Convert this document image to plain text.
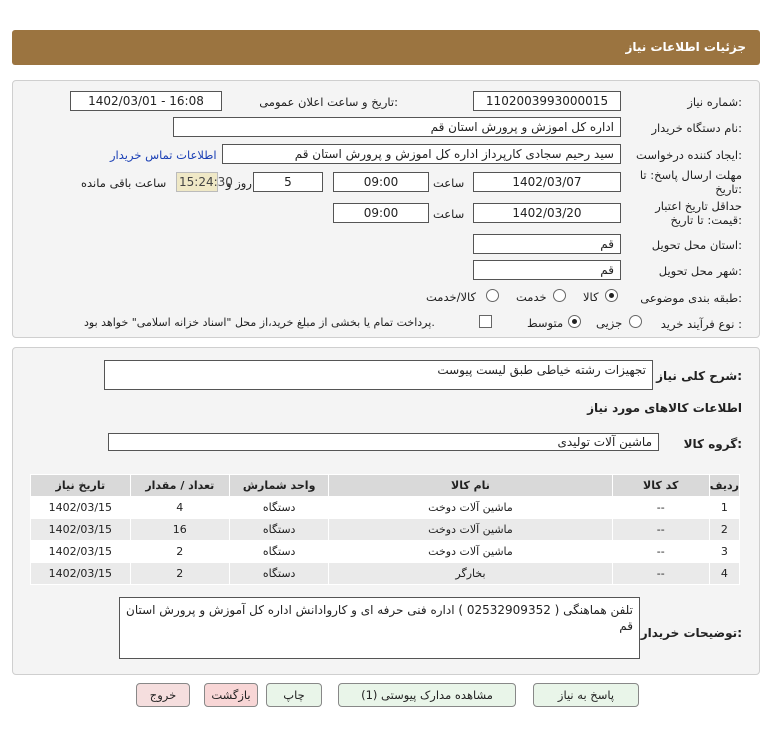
جزئیات اطلاعات نیاز
شماره نیاز:
1102003993000015
تاریخ و ساعت اعلان عمومی:
1402/03/01 - 16:08
نام دستگاه خریدار:
اداره کل اموزش و پرورش استان قم
ایجاد کننده درخواست:
سید رحیم سجادی کارپرداز اداره کل اموزش و پرورش استان قم
اطلاعات تماس خریدار
مهلت ارسال پاسخ: تا
تاریخ:
1402/03/07
ساعت
09:00
5
روز و
15:24:30
ساعت باقی مانده
حداقل تاریخ اعتبار
قیمت: تا تاریخ:
1402/03/20
ساعت
09:00
استان محل تحویل:
قم
شهر محل تحویل:
قم
طبقه بندی موضوعی:
کالا
خدمت
کالا/خدمت
نوع فرآیند خرید :
جزیی
متوسط
پرداخت تمام یا بخشی از مبلغ خرید،از محل "اسناد خزانه اسلامی" خواهد بود.
شرح کلی نیاز:
تجهیزات رشته خیاطی طبق لیست پیوست
اطلاعات کالاهای مورد نیاز
گروه کالا:
ماشین آلات تولیدی
ردیف	کد کالا	نام کالا	واحد شمارش	تعداد / مقدار	تاریخ نیاز
1	--	ماشین آلات دوخت	دستگاه	4	1402/03/15
2	--	ماشین آلات دوخت	دستگاه	16	1402/03/15
3	--	ماشین آلات دوخت	دستگاه	2	1402/03/15
4	--	بخارگر	دستگاه	2	1402/03/15
توضیحات خریدار:
تلفن هماهنگی ( 02532909352 ) اداره فنی حرفه ای و کاروادانش اداره کل آموزش و پرورش استان قم
پاسخ به نیاز
مشاهده مدارک پیوستی (1)
چاپ
بازگشت
خروج
